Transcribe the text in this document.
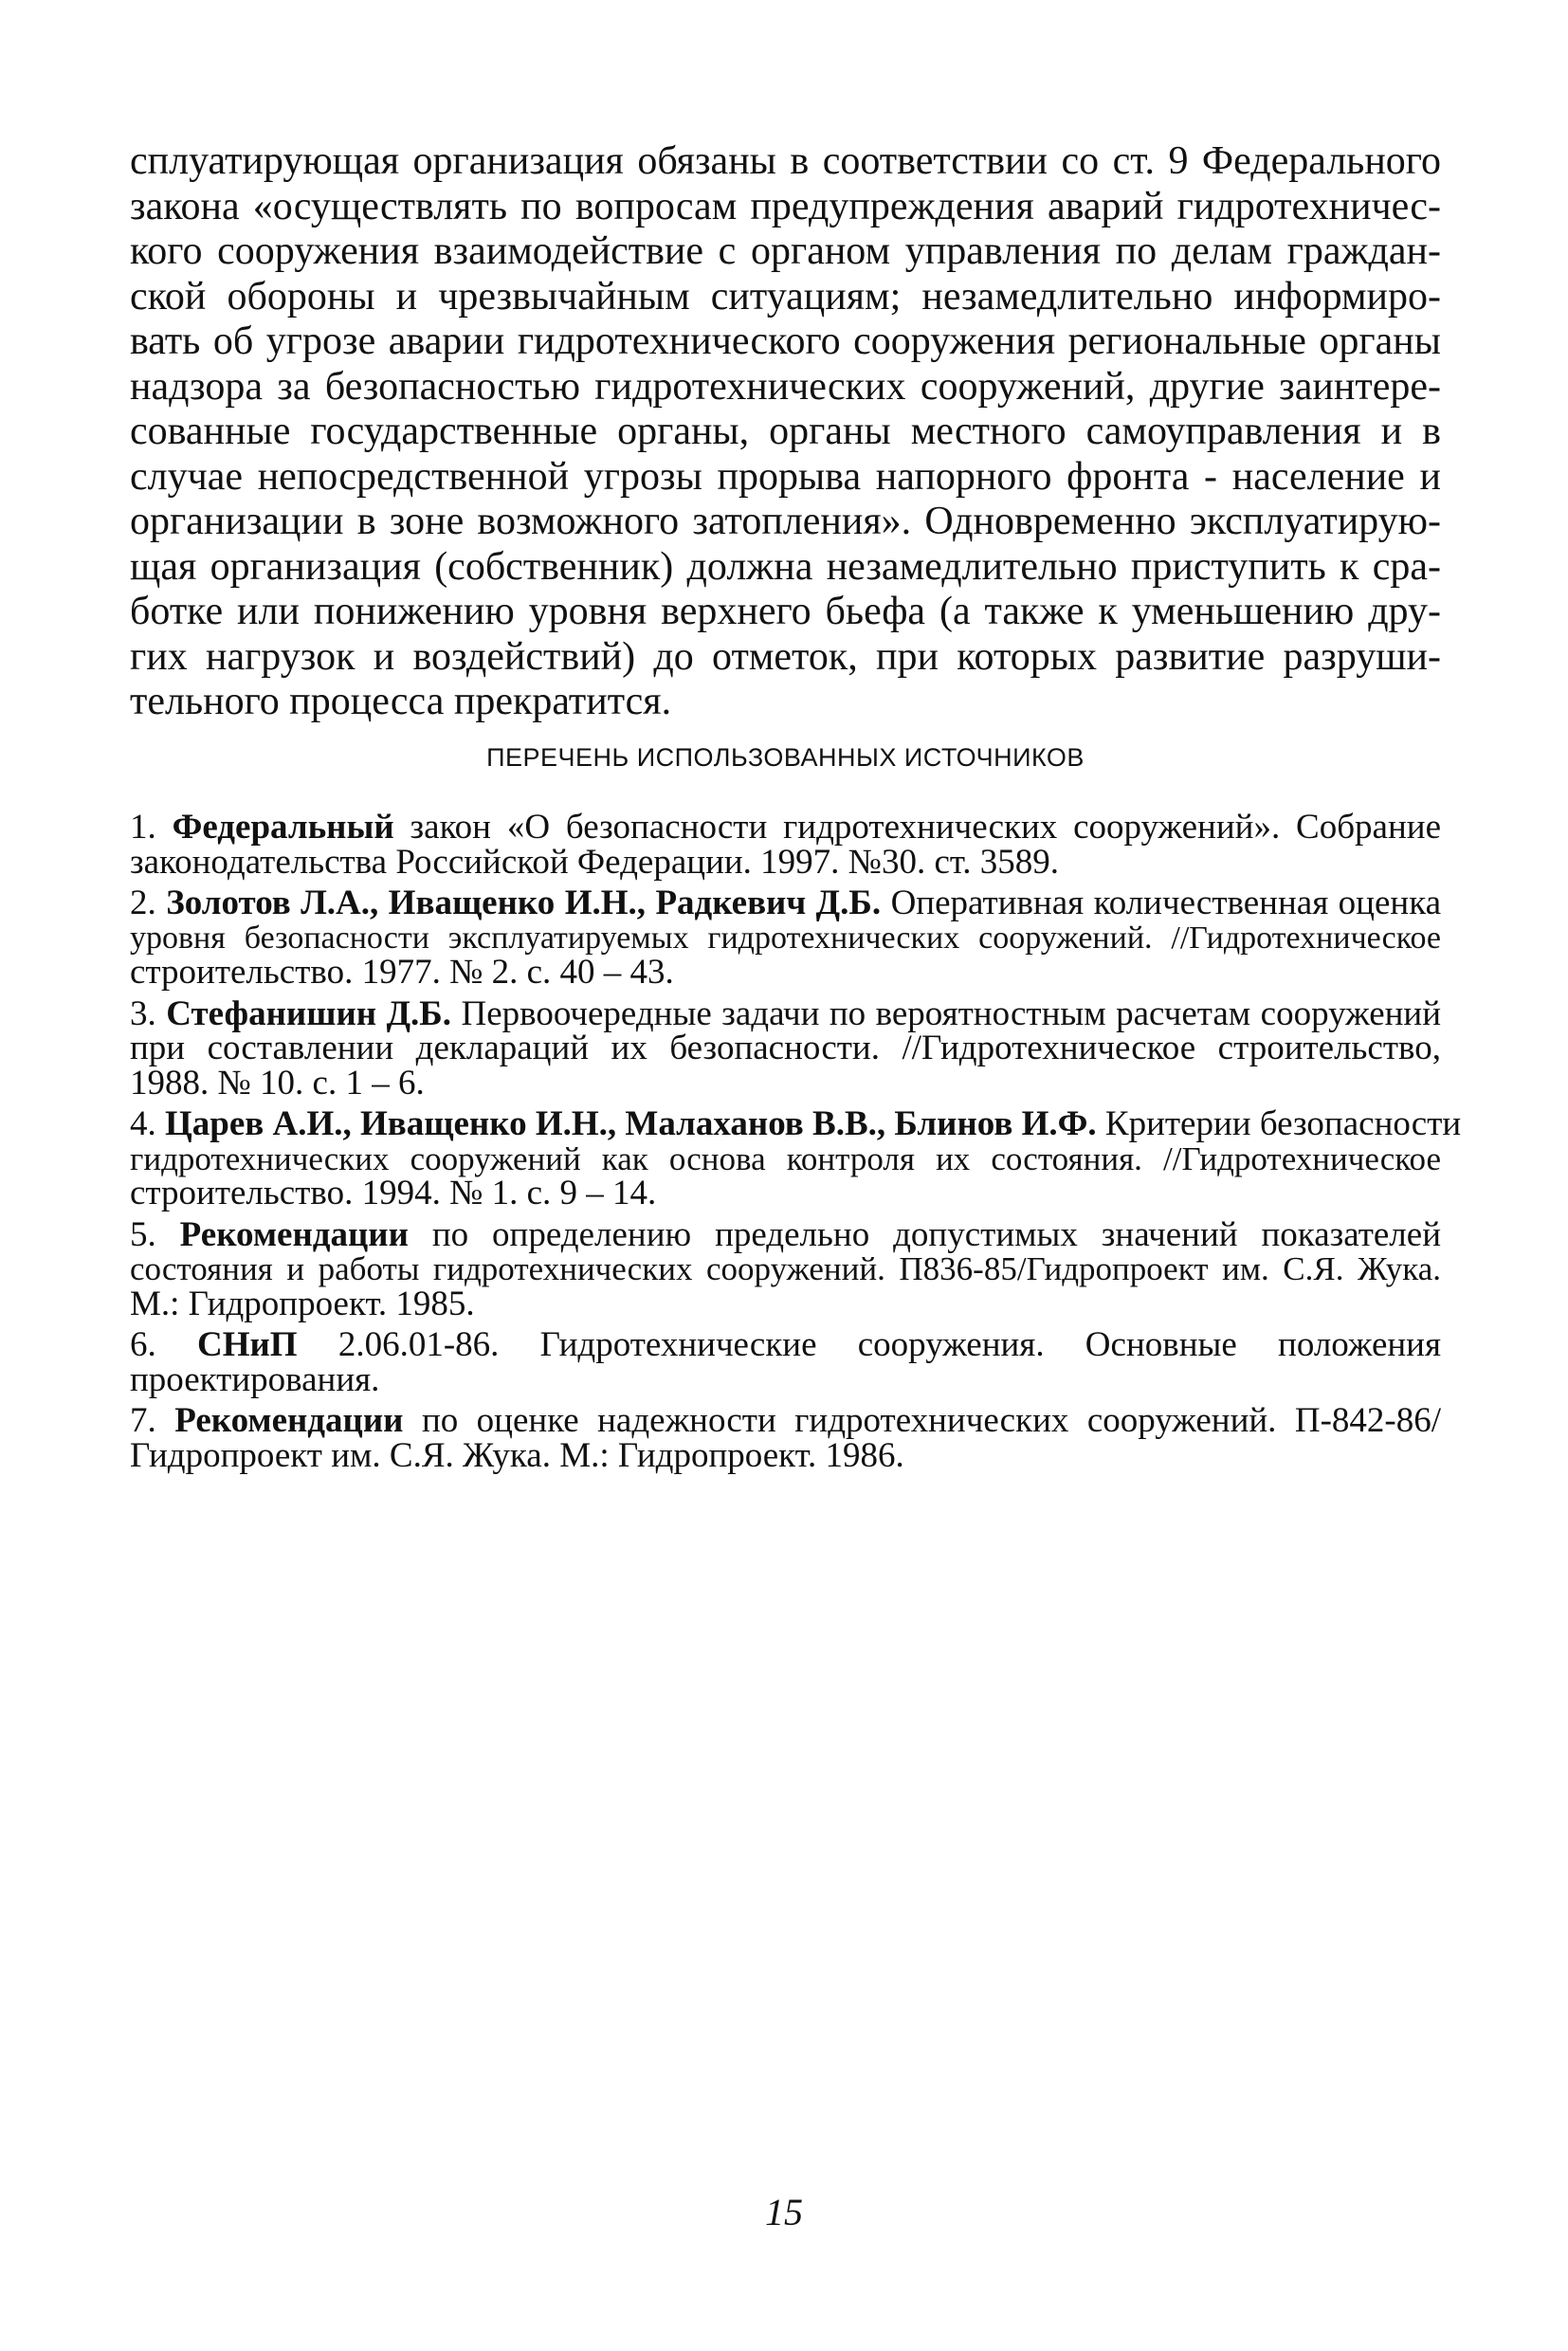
сплуатирующая организация обязаны в соответствии со ст. 9 Федерального
закона «осуществлять по вопросам предупреждения аварий гидротехничес-
кого сооружения взаимодействие с органом управления по делам граждан-
ской обороны и чрезвычайным ситуациям; незамедлительно информиро-
вать об угрозе аварии гидротехнического сооружения региональные органы
надзора за безопасностью гидротехнических сооружений, другие заинтере-
сованные государственные органы, органы местного самоуправления и в
случае непосредственной угрозы прорыва напорного фронта - население и
организации в зоне возможного затопления». Одновременно эксплуатирую-
щая организация (собственник) должна незамедлительно приступить к сра-
ботке или понижению уровня верхнего бьефа (а также к уменьшению дру-
гих нагрузок и воздействий) до отметок, при которых развитие разруши-
тельного процесса прекратится.
ПЕРЕЧЕНЬ ИСПОЛЬЗОВАННЫХ ИСТОЧНИКОВ
1. Федеральный закон «О безопасности гидротехнических сооружений». Собрание
законодательства Российской Федерации. 1997. №30. ст. 3589.
2. Золотов Л.А., Иващенко И.Н., Радкевич Д.Б. Оперативная количественная оценка
уровня безопасности эксплуатируемых гидротехнических сооружений. //Гидротехническое
строительство. 1977. № 2. с. 40 – 43.
3. Стефанишин Д.Б. Первоочередные задачи по вероятностным расчетам сооружений
при составлении деклараций их безопасности. //Гидротехническое строительство,
1988. № 10. с. 1 – 6.
4. Царев А.И., Иващенко И.Н., Малаханов В.В., Блинов И.Ф. Критерии безопасности
гидротехнических сооружений как основа контроля их состояния. //Гидротехническое
строительство. 1994. № 1. с. 9 – 14.
5. Рекомендации по определению предельно допустимых значений показателей
состояния и работы гидротехнических сооружений. П836-85/Гидропроект им. С.Я. Жука.
М.: Гидропроект. 1985.
6. СНиП 2.06.01-86. Гидротехнические сооружения. Основные положения
проектирования.
7. Рекомендации по оценке надежности гидротехнических сооружений. П-842-86/
Гидропроект им. С.Я. Жука. М.: Гидропроект. 1986.
15
